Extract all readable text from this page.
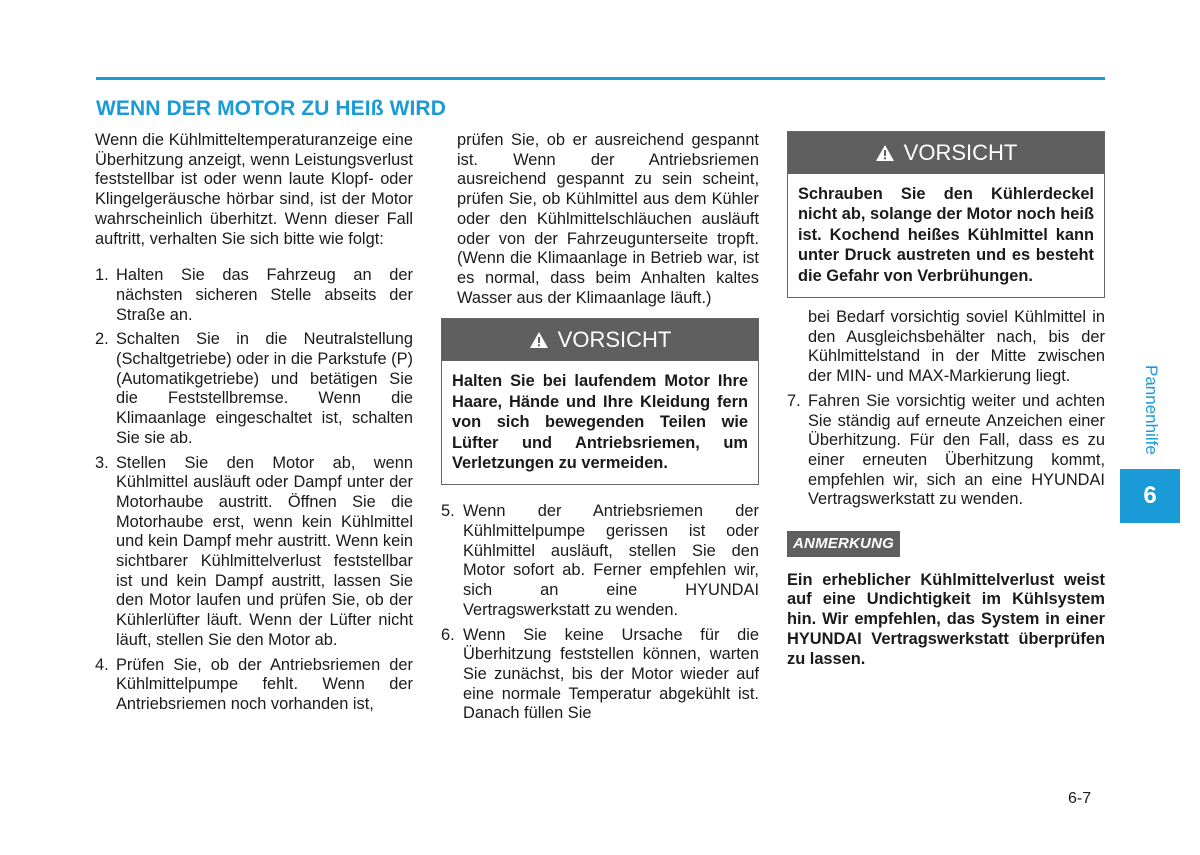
WENN DER MOTOR ZU HEIß WIRD

Wenn die Kühlmitteltemperaturanzeige eine Überhitzung anzeigt, wenn Leistungsverlust feststellbar ist oder wenn laute Klopf- oder Klingelgeräusche hörbar sind, ist der Motor wahrscheinlich überhitzt. Wenn dieser Fall auftritt, verhalten Sie sich bitte wie folgt:

1. Halten Sie das Fahrzeug an der nächsten sicheren Stelle abseits der Straße an.
2. Schalten Sie in die Neutralstellung (Schaltgetriebe) oder in die Parkstufe (P) (Automatikgetriebe) und betätigen Sie die Feststellbremse. Wenn die Klimaanlage eingeschaltet ist, schalten Sie sie ab.
3. Stellen Sie den Motor ab, wenn Kühlmittel ausläuft oder Dampf unter der Motorhaube austritt. Öffnen Sie die Motorhaube erst, wenn kein Kühlmittel und kein Dampf mehr austritt. Wenn kein sichtbarer Kühlmittelverlust feststellbar ist und kein Dampf austritt, lassen Sie den Motor laufen und prüfen Sie, ob der Kühlerlüfter läuft. Wenn der Lüfter nicht läuft, stellen Sie den Motor ab.
4. Prüfen Sie, ob der Antriebsriemen der Kühlmittelpumpe fehlt. Wenn der Antriebsriemen noch vorhanden ist,

prüfen Sie, ob er ausreichend gespannt ist. Wenn der Antriebsriemen ausreichend gespannt zu sein scheint, prüfen Sie, ob Kühlmittel aus dem Kühler oder den Kühlmittelschläuchen ausläuft oder von der Fahrzeugunterseite tropft. (Wenn die Klimaanlage in Betrieb war, ist es normal, dass beim Anhalten kaltes Wasser aus der Klimaanlage läuft.)

VORSICHT
Halten Sie bei laufendem Motor Ihre Haare, Hände und Ihre Kleidung fern von sich bewegenden Teilen wie Lüfter und Antriebsriemen, um Verletzungen zu vermeiden.
5. Wenn der Antriebsriemen der Kühlmittelpumpe gerissen ist oder Kühlmittel ausläuft, stellen Sie den Motor sofort ab. Ferner empfehlen wir, sich an eine HYUNDAI Vertragswerkstatt zu wenden.
6. Wenn Sie keine Ursache für die Überhitzung feststellen können, warten Sie zunächst, bis der Motor wieder auf eine normale Temperatur abgekühlt ist. Danach füllen Sie
VORSICHT
Schrauben Sie den Kühlerdeckel nicht ab, solange der Motor noch heiß ist. Kochend heißes Kühlmittel kann unter Druck austreten und es besteht die Gefahr von Verbrühungen.

bei Bedarf vorsichtig soviel Kühlmittel in den Ausgleichsbehälter nach, bis der Kühlmittelstand in der Mitte zwischen der MIN- und MAX-Markierung liegt.

7. Fahren Sie vorsichtig weiter und achten Sie ständig auf erneute Anzeichen einer Überhitzung. Für den Fall, dass es zu einer erneuten Überhitzung kommt, empfehlen wir, sich an eine HYUNDAI Vertragswerkstatt zu wenden.
ANMERKUNG

Ein erheblicher Kühlmittelverlust weist auf eine Undichtigkeit im Kühlsystem hin. Wir empfehlen, das System in einer HYUNDAI Vertragswerkstatt überprüfen zu lassen.

Pannenhilfe
6
6-7
